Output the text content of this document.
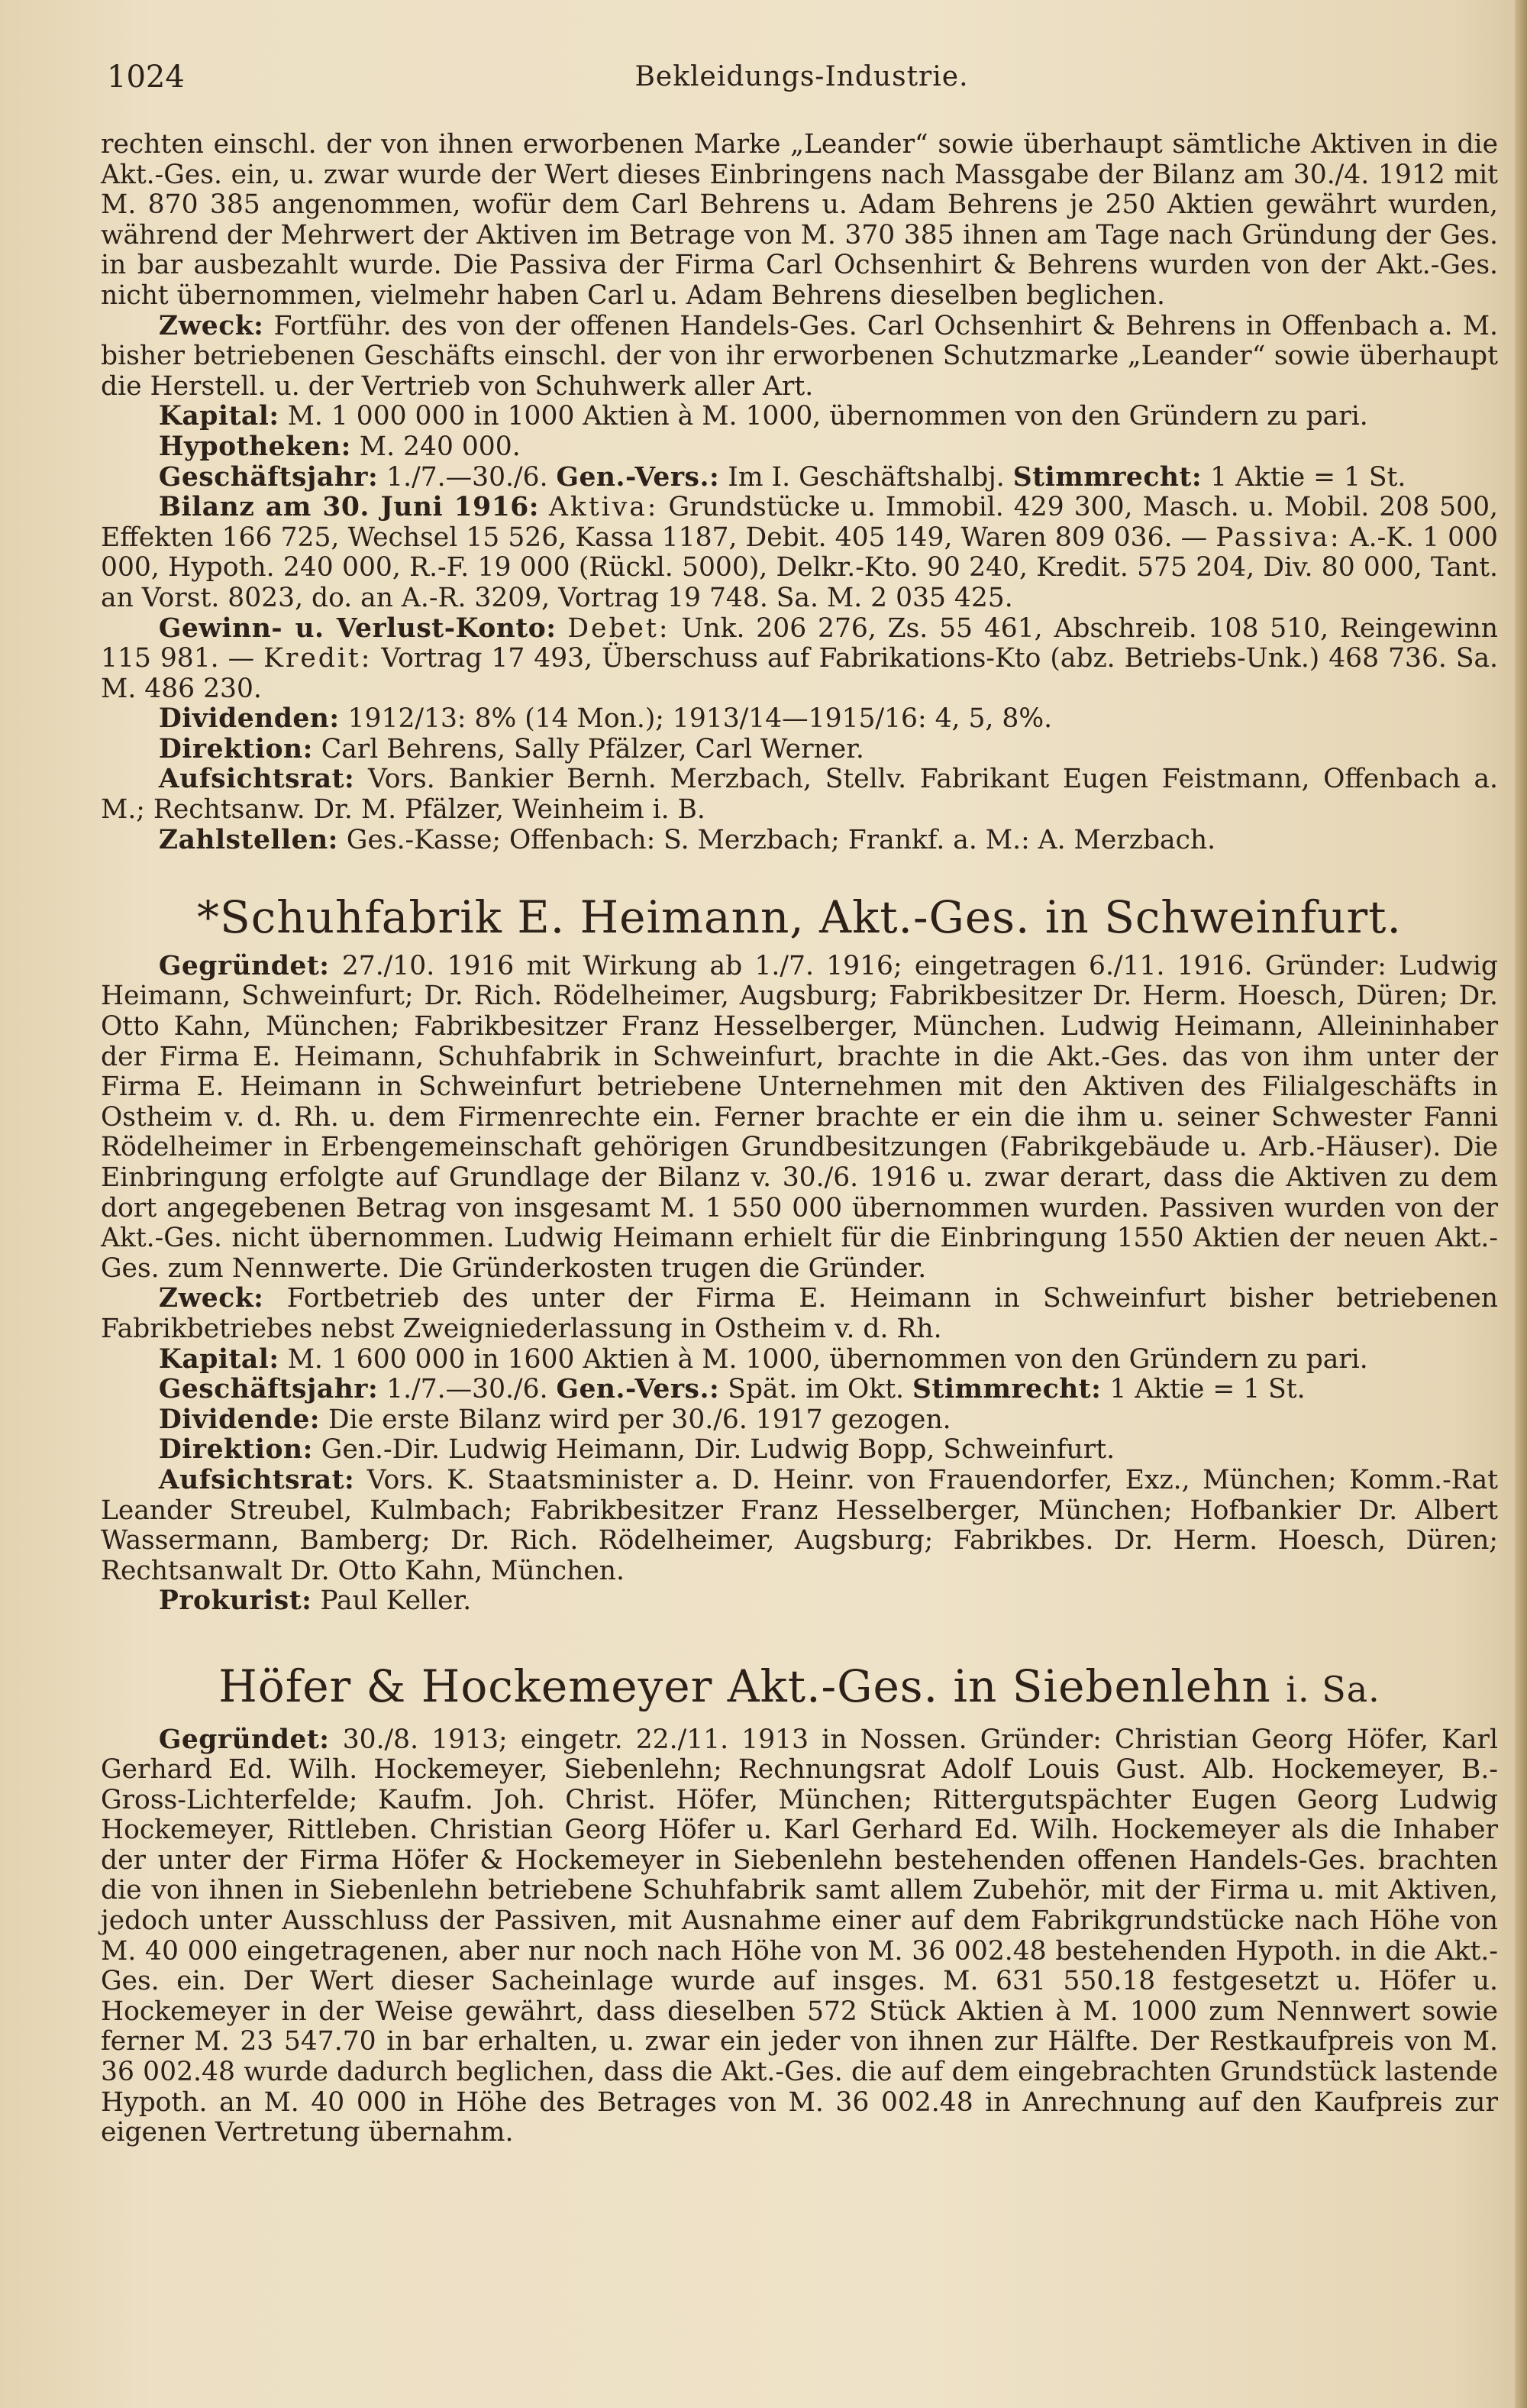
1024	Bekleidungs-Industrie.

rechten einschl. der von ihnen erworbenen Marke „Leander“ sowie überhaupt sämtliche Aktiven in die Akt.-Ges. ein, u. zwar wurde der Wert dieses Einbringens nach Massgabe der Bilanz am 30./4. 1912 mit M. 870 385 angenommen, wofür dem Carl Behrens u. Adam Behrens je 250 Aktien gewährt wurden, während der Mehrwert der Aktiven im Betrage von M. 370 385 ihnen am Tage nach Gründung der Ges. in bar ausbezahlt wurde. Die Passiva der Firma Carl Ochsenhirt & Behrens wurden von der Akt.-Ges. nicht übernommen, vielmehr haben Carl u. Adam Behrens dieselben beglichen.

Zweck: Fortführ. des von der offenen Handels-Ges. Carl Ochsenhirt & Behrens in Offenbach a. M. bisher betriebenen Geschäfts einschl. der von ihr erworbenen Schutzmarke „Leander“ sowie überhaupt die Herstell. u. der Vertrieb von Schuhwerk aller Art.

Kapital: M. 1 000 000 in 1000 Aktien à M. 1000, übernommen von den Gründern zu pari.

Hypotheken: M. 240 000.

Geschäftsjahr: 1./7.—30./6. Gen.-Vers.: Im I. Geschäftshalbj. Stimmrecht: 1 Aktie = 1 St.

Bilanz am 30. Juni 1916: Aktiva: Grundstücke u. Immobil. 429 300, Masch. u. Mobil. 208 500, Effekten 166 725, Wechsel 15 526, Kassa 1187, Debit. 405 149, Waren 809 036. — Passiva: A.-K. 1 000 000, Hypoth. 240 000, R.-F. 19 000 (Rückl. 5000), Delkr.-Kto. 90 240, Kredit. 575 204, Div. 80 000, Tant. an Vorst. 8023, do. an A.-R. 3209, Vortrag 19 748. Sa. M. 2 035 425.

Gewinn- u. Verlust-Konto: Debet: Unk. 206 276, Zs. 55 461, Abschreib. 108 510, Reingewinn 115 981. — Kredit: Vortrag 17 493, Überschuss auf Fabrikations-Kto (abz. Betriebs-Unk.) 468 736. Sa. M. 486 230.

Dividenden: 1912/13: 8% (14 Mon.); 1913/14—1915/16: 4, 5, 8%.

Direktion: Carl Behrens, Sally Pfälzer, Carl Werner.

Aufsichtsrat: Vors. Bankier Bernh. Merzbach, Stellv. Fabrikant Eugen Feistmann, Offenbach a. M.; Rechtsanw. Dr. M. Pfälzer, Weinheim i. B.

Zahlstellen: Ges.-Kasse; Offenbach: S. Merzbach; Frankf. a. M.: A. Merzbach.

*Schuhfabrik E. Heimann, Akt.-Ges. in Schweinfurt.

Gegründet: 27./10. 1916 mit Wirkung ab 1./7. 1916; eingetragen 6./11. 1916. Gründer: Ludwig Heimann, Schweinfurt; Dr. Rich. Rödelheimer, Augsburg; Fabrikbesitzer Dr. Herm. Hoesch, Düren; Dr. Otto Kahn, München; Fabrikbesitzer Franz Hesselberger, München. Ludwig Heimann, Alleininhaber der Firma E. Heimann, Schuhfabrik in Schweinfurt, brachte in die Akt.-Ges. das von ihm unter der Firma E. Heimann in Schweinfurt betriebene Unternehmen mit den Aktiven des Filialgeschäfts in Ostheim v. d. Rh. u. dem Firmenrechte ein. Ferner brachte er ein die ihm u. seiner Schwester Fanni Rödelheimer in Erbengemeinschaft gehörigen Grundbesitzungen (Fabrikgebäude u. Arb.-Häuser). Die Einbringung erfolgte auf Grundlage der Bilanz v. 30./6. 1916 u. zwar derart, dass die Aktiven zu dem dort angegebenen Betrag von insgesamt M. 1 550 000 übernommen wurden. Passiven wurden von der Akt.-Ges. nicht übernommen. Ludwig Heimann erhielt für die Einbringung 1550 Aktien der neuen Akt.-Ges. zum Nennwerte. Die Gründerkosten trugen die Gründer.

Zweck: Fortbetrieb des unter der Firma E. Heimann in Schweinfurt bisher betriebenen Fabrikbetriebes nebst Zweigniederlassung in Ostheim v. d. Rh.

Kapital: M. 1 600 000 in 1600 Aktien à M. 1000, übernommen von den Gründern zu pari.

Geschäftsjahr: 1./7.—30./6. Gen.-Vers.: Spät. im Okt. Stimmrecht: 1 Aktie = 1 St.

Dividende: Die erste Bilanz wird per 30./6. 1917 gezogen.

Direktion: Gen.-Dir. Ludwig Heimann, Dir. Ludwig Bopp, Schweinfurt.

Aufsichtsrat: Vors. K. Staatsminister a. D. Heinr. von Frauendorfer, Exz., München; Komm.-Rat Leander Streubel, Kulmbach; Fabrikbesitzer Franz Hesselberger, München; Hofbankier Dr. Albert Wassermann, Bamberg; Dr. Rich. Rödelheimer, Augsburg; Fabrikbes. Dr. Herm. Hoesch, Düren; Rechtsanwalt Dr. Otto Kahn, München.

Prokurist: Paul Keller.

Höfer & Hockemeyer Akt.-Ges. in Siebenlehn i. Sa.

Gegründet: 30./8. 1913; eingetr. 22./11. 1913 in Nossen. Gründer: Christian Georg Höfer, Karl Gerhard Ed. Wilh. Hockemeyer, Siebenlehn; Rechnungsrat Adolf Louis Gust. Alb. Hockemeyer, B.-Gross-Lichterfelde; Kaufm. Joh. Christ. Höfer, München; Rittergutspächter Eugen Georg Ludwig Hockemeyer, Rittleben. Christian Georg Höfer u. Karl Gerhard Ed. Wilh. Hockemeyer als die Inhaber der unter der Firma Höfer & Hockemeyer in Siebenlehn bestehenden offenen Handels-Ges. brachten die von ihnen in Siebenlehn betriebene Schuhfabrik samt allem Zubehör, mit der Firma u. mit Aktiven, jedoch unter Ausschluss der Passiven, mit Ausnahme einer auf dem Fabrikgrundstücke nach Höhe von M. 40 000 eingetragenen, aber nur noch nach Höhe von M. 36 002.48 bestehenden Hypoth. in die Akt.-Ges. ein. Der Wert dieser Sacheinlage wurde auf insges. M. 631 550.18 festgesetzt u. Höfer u. Hockemeyer in der Weise gewährt, dass dieselben 572 Stück Aktien à M. 1000 zum Nennwert sowie ferner M. 23 547.70 in bar erhalten, u. zwar ein jeder von ihnen zur Hälfte. Der Restkaufpreis von M. 36 002.48 wurde dadurch beglichen, dass die Akt.-Ges. die auf dem eingebrachten Grundstück lastende Hypoth. an M. 40 000 in Höhe des Betrages von M. 36 002.48 in Anrechnung auf den Kaufpreis zur eigenen Vertretung übernahm.
